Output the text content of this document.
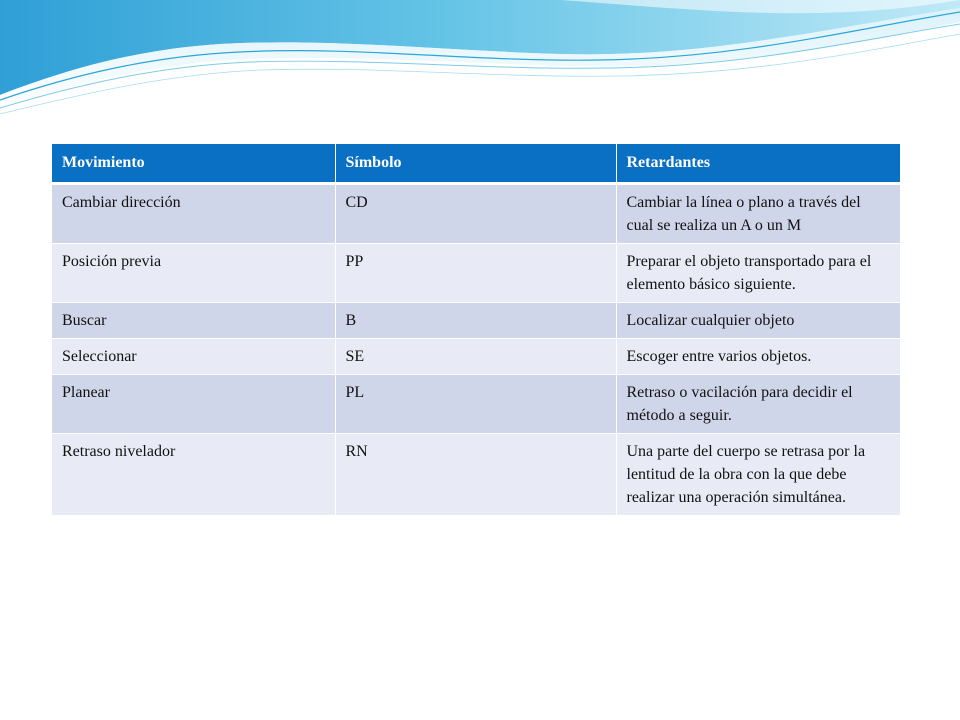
Movimiento	Símbolo	Retardantes
Cambiar dirección	CD	Cambiar la línea o plano a través del cual se realiza un A o un M
Posición previa	PP	Preparar el objeto transportado para el elemento básico siguiente.
Buscar	B	Localizar cualquier objeto
Seleccionar	SE	Escoger entre varios objetos.
Planear	PL	Retraso o vacilación para decidir el método a seguir.
Retraso nivelador	RN	Una parte del cuerpo se retrasa por la lentitud de la obra con la que debe realizar una operación simultánea.
